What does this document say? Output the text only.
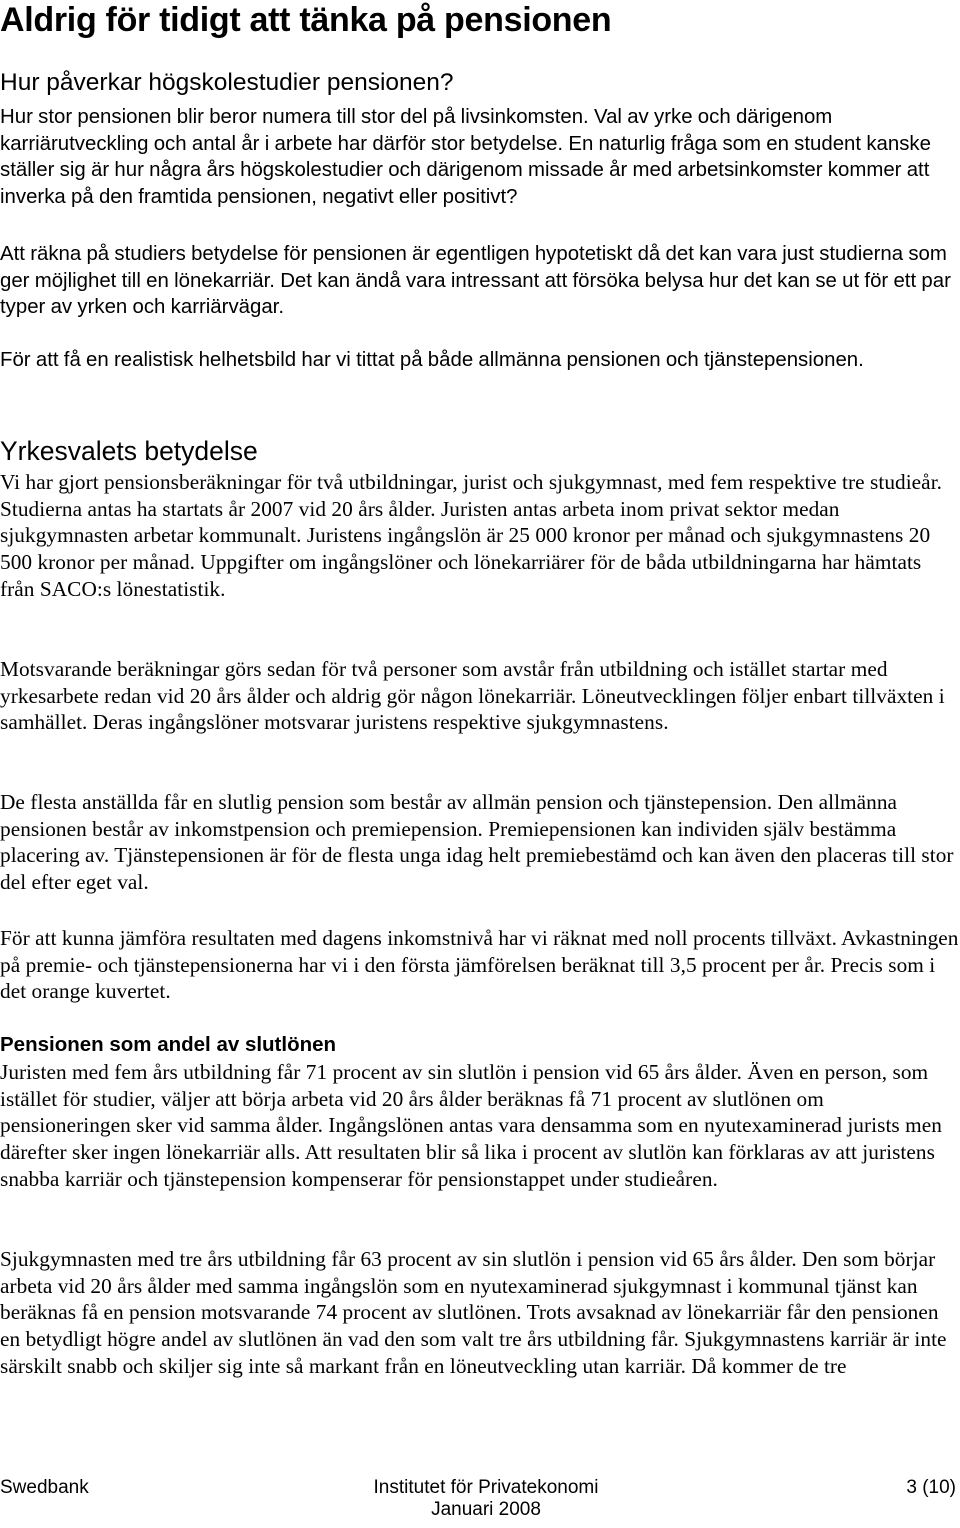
Aldrig för tidigt att tänka på pensionen
Hur påverkar högskolestudier pensionen?

Hur stor pensionen blir beror numera till stor del på livsinkomsten. Val av yrke och därigenom karriärutveckling och antal år i arbete har därför stor betydelse. En naturlig fråga som en student kanske ställer sig är hur några års högskolestudier och därigenom missade år med arbetsinkomster kommer att inverka på den framtida pensionen, negativt eller positivt?

Att räkna på studiers betydelse för pensionen är egentligen hypotetiskt då det kan vara just studierna som ger möjlighet till en lönekarriär. Det kan ändå vara intressant att försöka belysa hur det kan se ut för ett par typer av yrken och karriärvägar.

För att få en realistisk helhetsbild har vi tittat på både allmänna pensionen och tjänstepensionen.

Yrkesvalets betydelse

Vi har gjort pensionsberäkningar för två utbildningar, jurist och sjukgymnast, med fem respektive tre studieår. Studierna antas ha startats år 2007 vid 20 års ålder. Juristen antas arbeta inom privat sektor medan sjukgymnasten arbetar kommunalt. Juristens ingångslön är 25 000 kronor per månad och sjukgymnastens 20 500 kronor per månad. Uppgifter om ingångslöner och lönekarriärer för de båda utbildningarna har hämtats från SACO:s lönestatistik.

Motsvarande beräkningar görs sedan för två personer som avstår från utbildning och istället startar med yrkesarbete redan vid 20 års ålder och aldrig gör någon lönekarriär. Löneutvecklingen följer enbart tillväxten i samhället. Deras ingångslöner motsvarar juristens respektive sjukgymnastens.

De flesta anställda får en slutlig pension som består av allmän pension och tjänstepension. Den allmänna pensionen består av inkomstpension och premiepension. Premiepensionen kan individen själv bestämma placering av. Tjänstepensionen är för de flesta unga idag helt premiebestämd och kan även den placeras till stor del efter eget val.

För att kunna jämföra resultaten med dagens inkomstnivå har vi räknat med noll procents tillväxt. Avkastningen på premie- och tjänstepensionerna har vi i den första jämförelsen beräknat till 3,5 procent per år. Precis som i det orange kuvertet.

Pensionen som andel av slutlönen

Juristen med fem års utbildning får 71 procent av sin slutlön i pension vid 65 års ålder. Även en person, som istället för studier, väljer att börja arbeta vid 20 års ålder beräknas få 71 procent av slutlönen om pensioneringen sker vid samma ålder. Ingångslönen antas vara densamma som en nyutexaminerad jurists men därefter sker ingen lönekarriär alls. Att resultaten blir så lika i procent av slutlön kan förklaras av att juristens snabba karriär och tjänstepension kompenserar för pensionstappet under studieåren.

Sjukgymnasten med tre års utbildning får 63 procent av sin slutlön i pension vid 65 års ålder. Den som börjar arbeta vid 20 års ålder med samma ingångslön som en nyutexaminerad sjukgymnast i kommunal tjänst kan beräknas få en pension motsvarande 74 procent av slutlönen. Trots avsaknad av lönekarriär får den pensionen en betydligt högre andel av slutlönen än vad den som valt tre års utbildning får. Sjukgymnastens karriär är inte särskilt snabb och skiljer sig inte så markant från en löneutveckling utan karriär. Då kommer de tre

Swedbank	Institutet för Privatekonomi	3 (10)
Januari 2008
